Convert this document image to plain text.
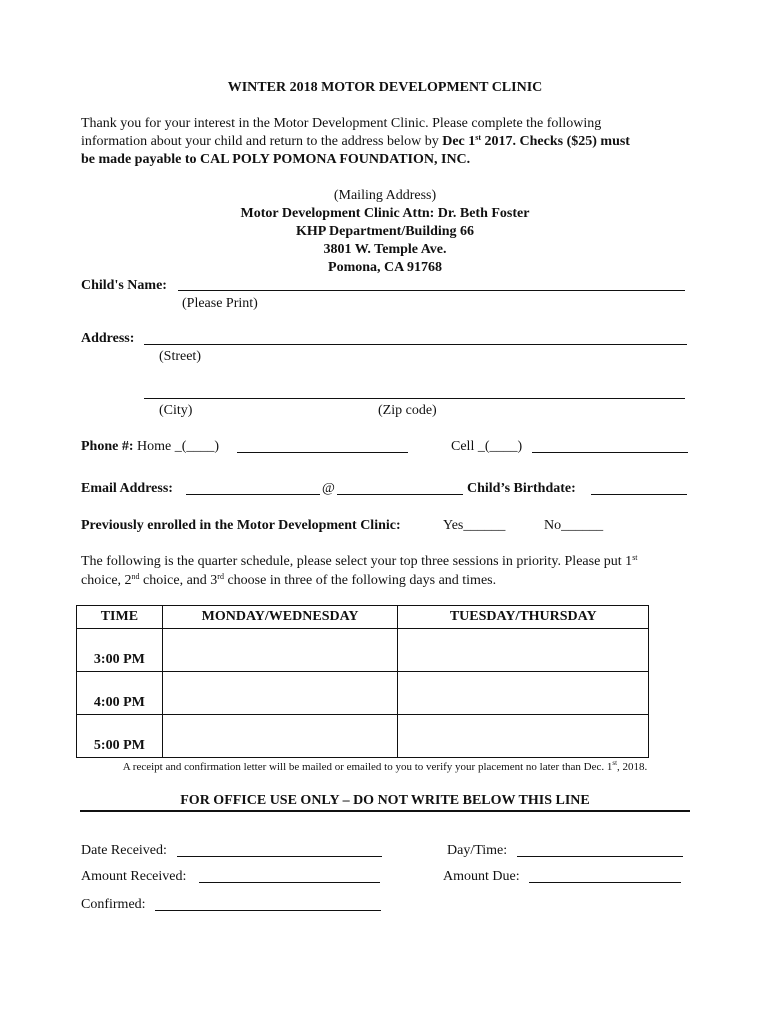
WINTER 2018 MOTOR DEVELOPMENT CLINIC
Thank you for your interest in the Motor Development Clinic. Please complete the following
information about your child and return to the address below by Dec 1st 2017. Checks ($25) must
be made payable to CAL POLY POMONA FOUNDATION, INC.
(Mailing Address)
Motor Development Clinic Attn: Dr. Beth Foster
KHP Department/Building 66
3801 W. Temple Ave.
Pomona, CA 91768
Child's Name:
(Please Print)
Address:
(Street)
(City)	(Zip code)
Phone #: Home _(____)	Cell _(____)
Email Address:	@	Child’s Birthdate:
Previously enrolled in the Motor Development Clinic:	Yes______	No______
The following is the quarter schedule, please select your top three sessions in priority. Please put 1st
choice, 2nd choice, and 3rd choose in three of the following days and times.
TIME	MONDAY/WEDNESDAY	TUESDAY/THURSDAY
3:00 PM		
4:00 PM		
5:00 PM		
A receipt and confirmation letter will be mailed or emailed to you to verify your placement no later than Dec. 1st, 2018.
FOR OFFICE USE ONLY – DO NOT WRITE BELOW THIS LINE
Date Received:	Day/Time:
Amount Received:	Amount Due:
Confirmed:
